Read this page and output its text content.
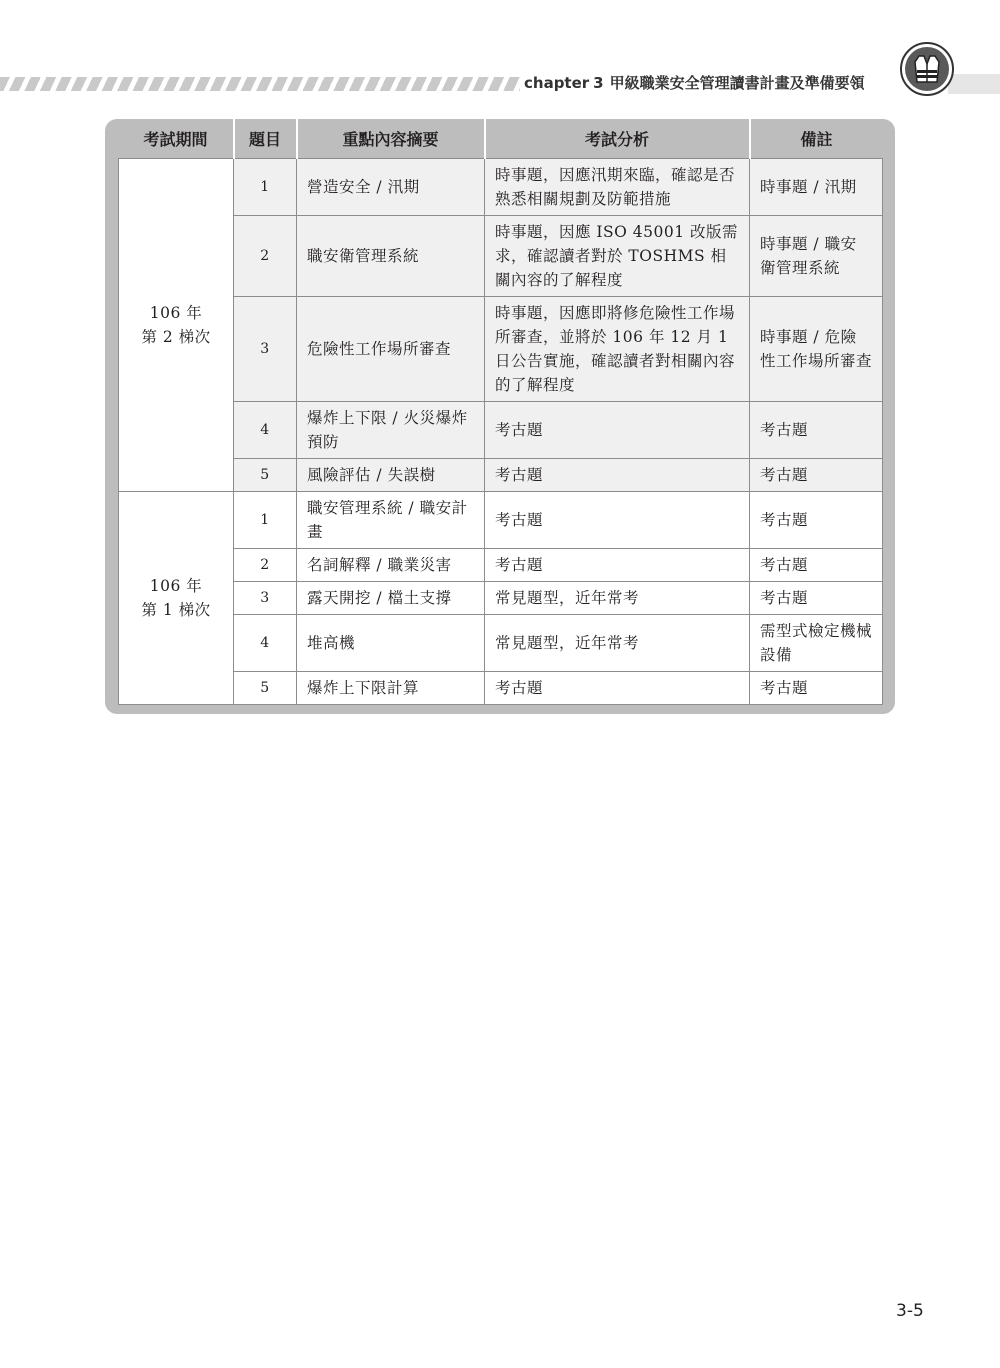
chapter 3 甲級職業安全管理讀書計畫及準備要領
考試期間	題目	重點內容摘要	考試分析	備註

106 年
第 2 梯次	1	營造安全 / 汛期	時事題，因應汛期來臨，確認是否熟悉相關規劃及防範措施	時事題 / 汛期
	2	職安衛管理系統	時事題，因應 ISO 45001 改版需求，確認讀者對於 TOSHMS 相關內容的了解程度	時事題 / 職安衛管理系統
	3	危險性工作場所審查	時事題，因應即將修危險性工作場所審查，並將於 106 年 12 月 1 日公告實施，確認讀者對相關內容的了解程度	時事題 / 危險性工作場所審查
	4	爆炸上下限 / 火災爆炸預防	考古題	考古題
	5	風險評估 / 失誤樹	考古題	考古題

106 年
第 1 梯次	1	職安管理系統 / 職安計畫	考古題	考古題
	2	名詞解釋 / 職業災害	考古題	考古題
	3	露天開挖 / 檔土支撐	常見題型，近年常考	考古題
	4	堆高機	常見題型，近年常考	需型式檢定機械設備
	5	爆炸上下限計算	考古題	考古題
3-5
